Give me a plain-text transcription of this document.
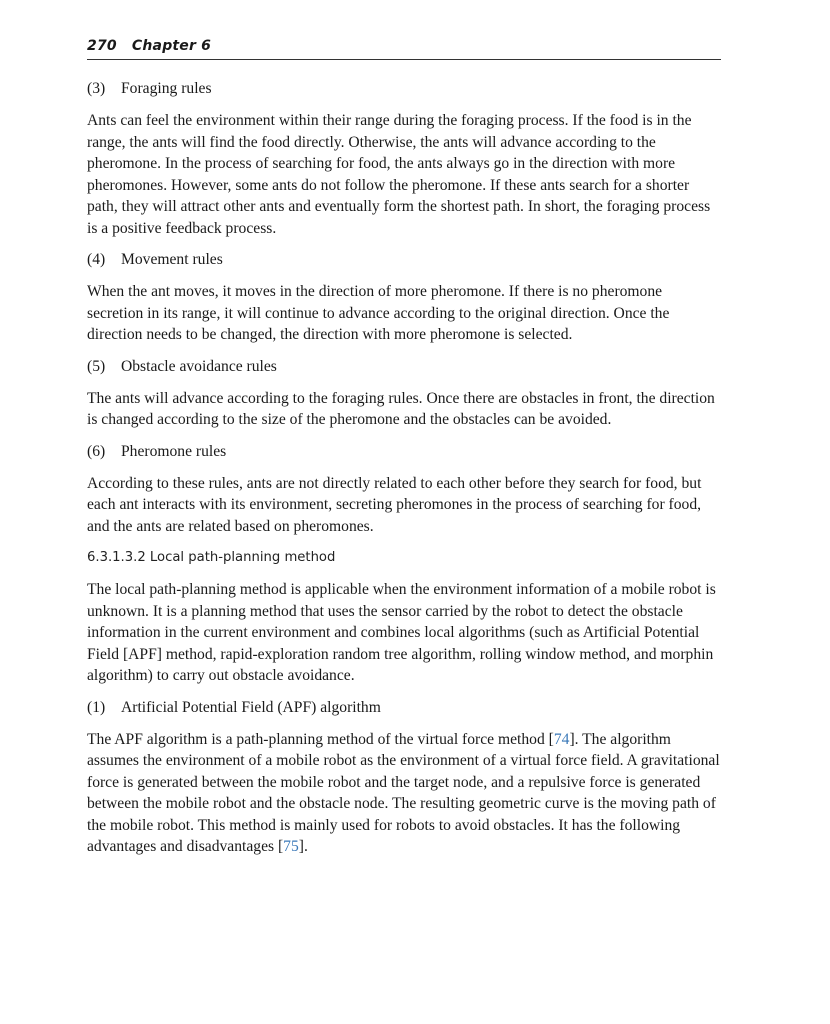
270 Chapter 6
(3) Foraging rules

Ants can feel the environment within their range during the foraging process. If the food is in the range, the ants will find the food directly. Otherwise, the ants will advance according to the pheromone. In the process of searching for food, the ants always go in the direction with more pheromones. However, some ants do not follow the pheromone. If these ants search for a shorter path, they will attract other ants and eventually form the shortest path. In short, the foraging process is a positive feedback process.

(4) Movement rules

When the ant moves, it moves in the direction of more pheromone. If there is no pheromone secretion in its range, it will continue to advance according to the original direction. Once the direction needs to be changed, the direction with more pheromone is selected.

(5) Obstacle avoidance rules

The ants will advance according to the foraging rules. Once there are obstacles in front, the direction is changed according to the size of the pheromone and the obstacles can be avoided.

(6) Pheromone rules

According to these rules, ants are not directly related to each other before they search for food, but each ant interacts with its environment, secreting pheromones in the process of searching for food, and the ants are related based on pheromones.

6.3.1.3.2 Local path-planning method

The local path-planning method is applicable when the environment information of a mobile robot is unknown. It is a planning method that uses the sensor carried by the robot to detect the obstacle information in the current environment and combines local algorithms (such as Artificial Potential Field [APF] method, rapid-exploration random tree algorithm, rolling window method, and morphin algorithm) to carry out obstacle avoidance.

(1) Artificial Potential Field (APF) algorithm

The APF algorithm is a path-planning method of the virtual force method [74]. The algorithm assumes the environment of a mobile robot as the environment of a virtual force field. A gravitational force is generated between the mobile robot and the target node, and a repulsive force is generated between the mobile robot and the obstacle node. The resulting geometric curve is the moving path of the mobile robot. This method is mainly used for robots to avoid obstacles. It has the following advantages and disadvantages [75].
